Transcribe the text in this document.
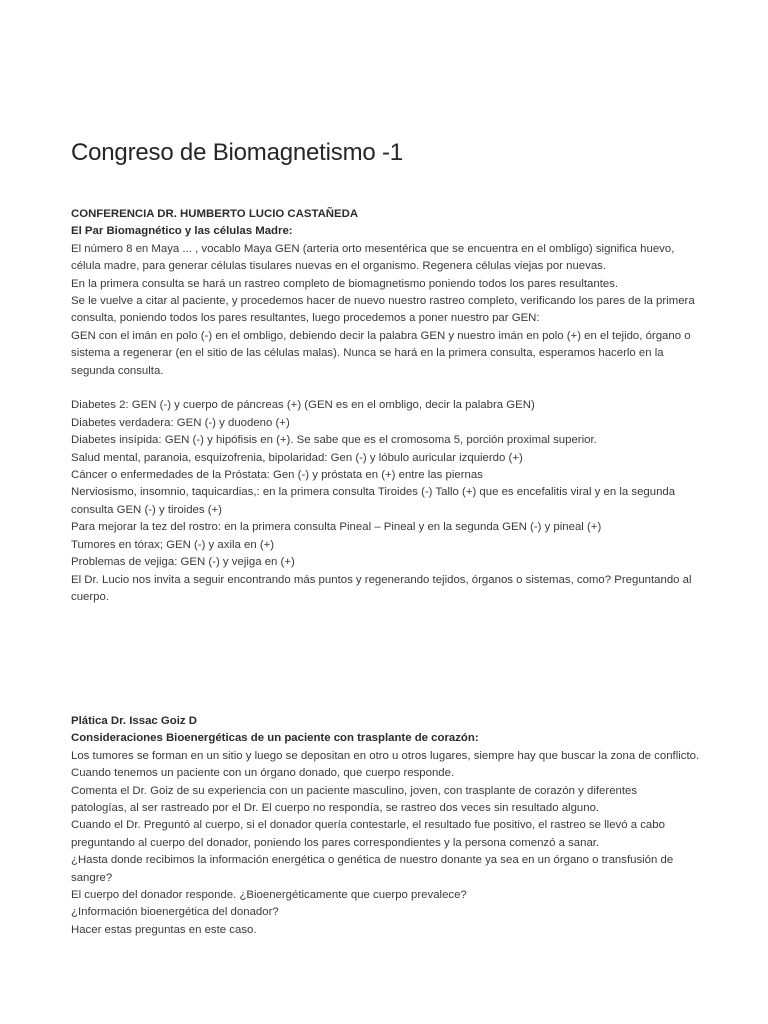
Congreso de Biomagnetismo -1
CONFERENCIA DR. HUMBERTO LUCIO CASTAÑEDA
El Par Biomagnético y las células Madre:
El número 8 en Maya ... , vocablo Maya GEN (arteria orto mesentérica que se encuentra en el ombligo) significa huevo,
célula madre, para generar células tisulares nuevas en el organismo. Regenera células viejas por nuevas.
En la primera consulta se hará un rastreo completo de biomagnetismo poniendo todos los pares resultantes.
Se le vuelve a citar al paciente, y procedemos hacer de nuevo nuestro rastreo completo, verificando los pares de la primera
consulta, poniendo todos los pares resultantes, luego procedemos a poner nuestro par GEN:
GEN con el imán en polo (-) en el ombligo, debiendo decir la palabra GEN y nuestro imán en polo (+) en el tejido, órgano o
sistema a regenerar (en el sitio de las células malas). Nunca se hará en la primera consulta, esperamos hacerlo en la
segunda consulta.
Diabetes 2: GEN (-) y cuerpo de páncreas (+) (GEN es en el ombligo, decir la palabra GEN)
Diabetes verdadera: GEN (-) y duodeno (+)
Diabetes insípida: GEN (-) y hipófisis en (+). Se sabe que es el cromosoma 5, porción proximal superior.
Salud mental, paranoia, esquizofrenia, bipolaridad: Gen (-) y lóbulo auricular izquierdo (+)
Cáncer o enfermedades de la Próstata: Gen (-) y próstata en (+) entre las piernas
Nerviosismo, insomnio, taquicardias,: en la primera consulta Tiroides (-) Tallo (+) que es encefalitis viral y en la segunda
consulta GEN (-) y tiroides (+)
Para mejorar la tez del rostro: en la primera consulta Pineal – Pineal y en la segunda GEN (-) y pineal (+)
Tumores en tórax; GEN (-) y axila en (+)
Problemas de vejiga: GEN (-) y vejiga en (+)
El Dr. Lucio nos invita a seguir encontrando más puntos y regenerando tejidos, órganos o sistemas, como? Preguntando al
cuerpo.
Plática Dr. Issac Goiz D
Consideraciones Bioenergéticas de un paciente con trasplante de corazón:
Los tumores se forman en un sitio y luego se depositan en otro u otros lugares, siempre hay que buscar la zona de conflicto.
Cuando tenemos un paciente con un órgano donado, que cuerpo responde.
Comenta el Dr. Goiz de su experiencia con un paciente masculino, joven, con trasplante de corazón y diferentes
patologías, al ser rastreado por el Dr. El cuerpo no respondía, se rastreo dos veces sin resultado alguno.
Cuando el Dr. Preguntó al cuerpo, si el donador quería contestarle, el resultado fue positivo, el rastreo se llevó a cabo
preguntando al cuerpo del donador, poniendo los pares correspondientes y la persona comenzó a sanar.
¿Hasta donde recibimos la información energética o genética de nuestro donante ya sea en un órgano o transfusión de
sangre?
El cuerpo del donador responde. ¿Bioenergéticamente que cuerpo prevalece?
¿Información bioenergética del donador?
Hacer estas preguntas en este caso.
